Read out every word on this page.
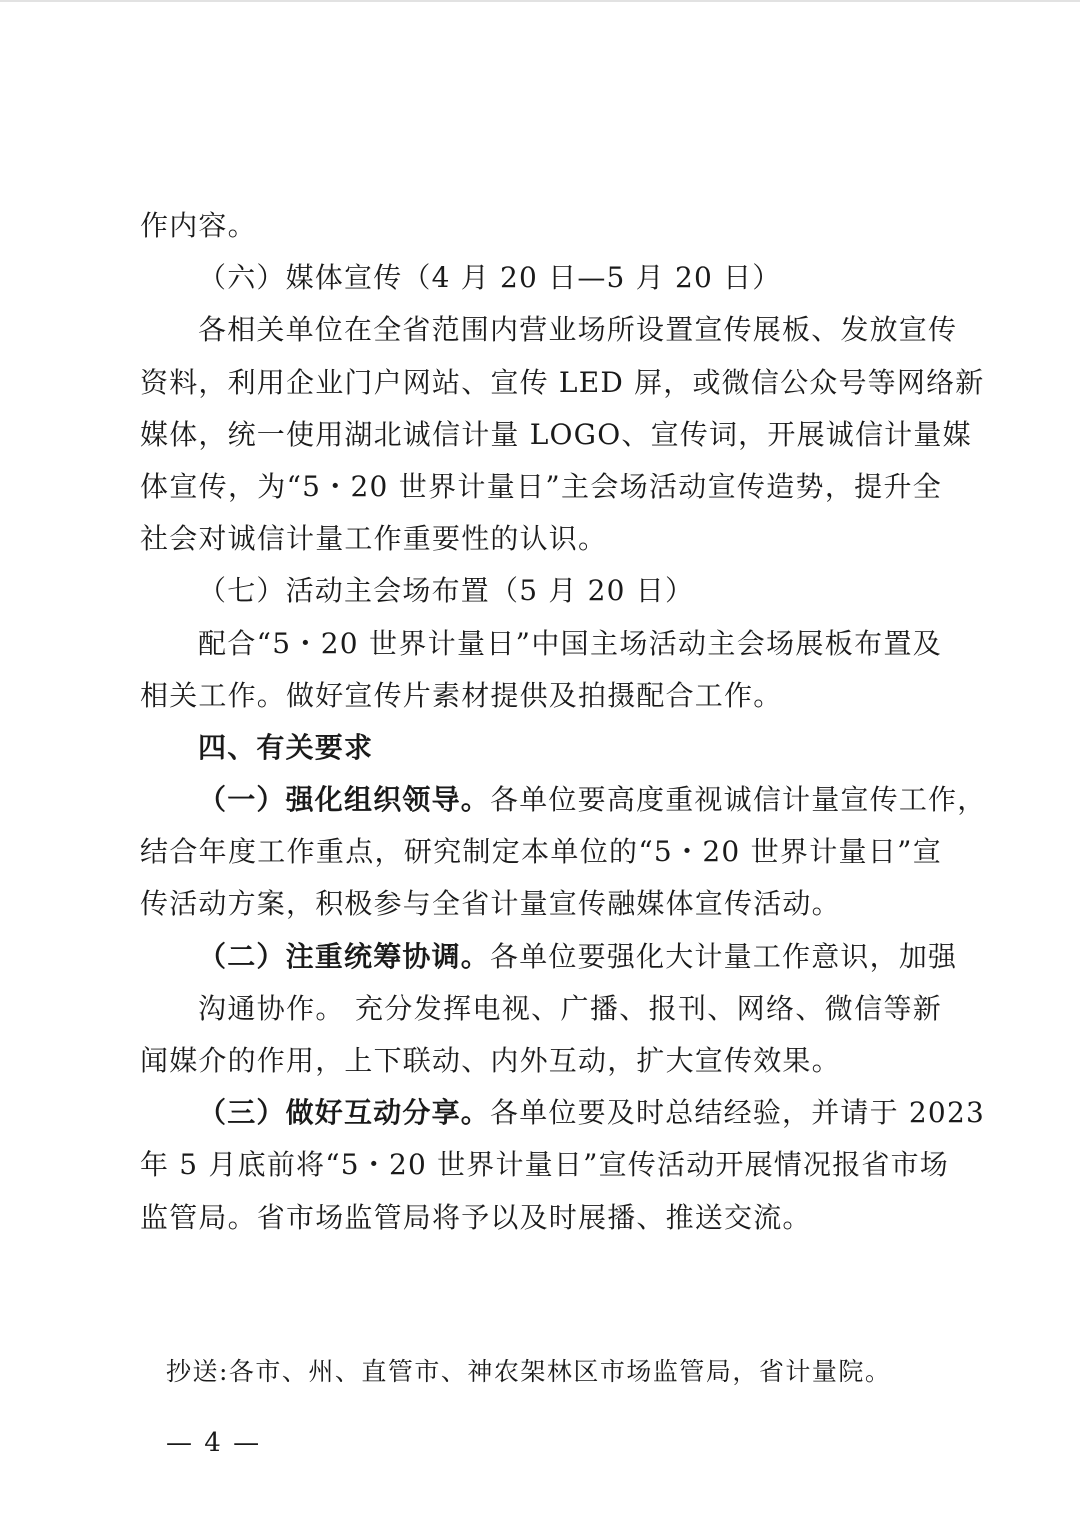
作内容。
（六）媒体宣传（4 月 20 日—5 月 20 日）
各相关单位在全省范围内营业场所设置宣传展板、发放宣传
资料，利用企业门户网站、宣传 LED 屏，或微信公众号等网络新
媒体，统一使用湖北诚信计量 LOGO、宣传词，开展诚信计量媒
体宣传，为“5・20 世界计量日”主会场活动宣传造势，提升全
社会对诚信计量工作重要性的认识。
（七）活动主会场布置（5 月 20 日）
配合“5・20 世界计量日”中国主场活动主会场展板布置及
相关工作。做好宣传片素材提供及拍摄配合工作。
四、有关要求
（一）强化组织领导。各单位要高度重视诚信计量宣传工作，
结合年度工作重点，研究制定本单位的“5・20 世界计量日”宣
传活动方案，积极参与全省计量宣传融媒体宣传活动。
（二）注重统筹协调。各单位要强化大计量工作意识，加强
沟通协作。 充分发挥电视、广播、报刊、网络、微信等新
闻媒介的作用，上下联动、内外互动，扩大宣传效果。
（三）做好互动分享。各单位要及时总结经验，并请于 2023
年 5 月底前将“5・20 世界计量日”宣传活动开展情况报省市场
监管局。省市场监管局将予以及时展播、推送交流。
抄送:各市、州、直管市、神农架林区市场监管局，省计量院。
— 4 —
